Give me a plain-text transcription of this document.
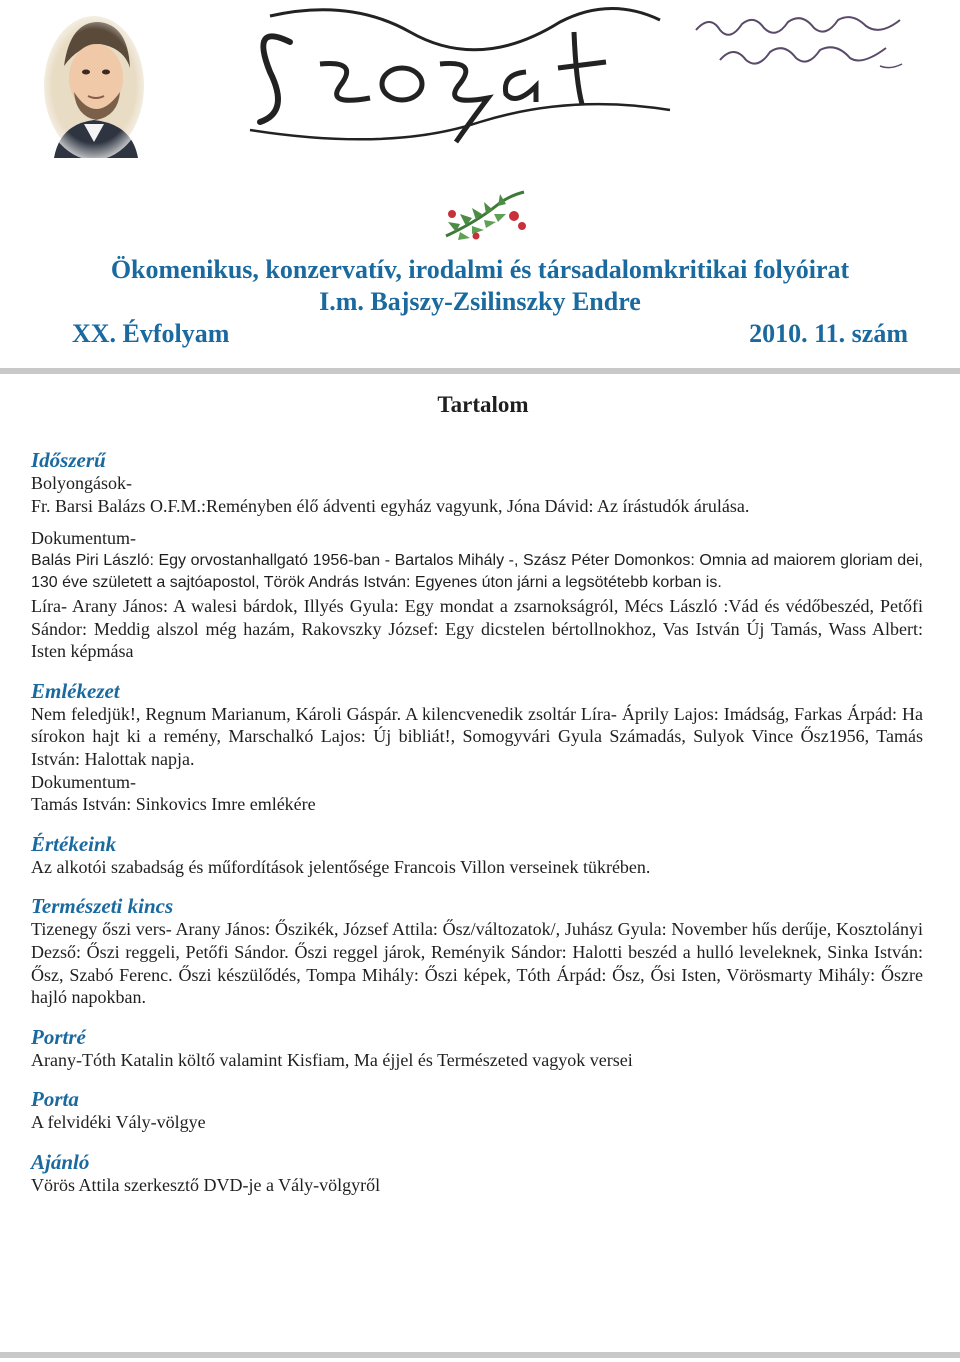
Szózat
Ökomenikus, konzervatív, irodalmi és társadalomkritikai folyóirat
I.m. Bajszy-Zsilinszky Endre
XX. Évfolyam	2010. 11. szám
Tartalom

Időszerű

Bolyongások-

Fr. Barsi Balázs O.F.M.:Reményben élő ádventi egyház vagyunk, Jóna Dávid: Az írástudók árulása.

Dokumentum-

Balás Piri László: Egy orvostanhallgató 1956-ban - Bartalos Mihály -, Szász Péter Domonkos: Omnia ad maiorem gloriam dei, 130 éve született a sajtóapostol, Török András István: Egyenes úton járni a legsötétebb korban is.

Líra- Arany János: A walesi bárdok, Illyés Gyula: Egy mondat a zsarnokságról, Mécs László :Vád és védőbeszéd, Petőfi Sándor: Meddig alszol még hazám, Rakovszky József: Egy dicstelen bértollnokhoz, Vas István Új Tamás, Wass Albert: Isten képmása

Emlékezet

Nem feledjük!, Regnum Marianum, Károli Gáspár. A kilencvenedik zsoltár Líra- Áprily Lajos: Imádság, Farkas Árpád: Ha sírokon hajt ki a remény, Marschalkó Lajos: Új bibliát!, Somogyvári Gyula Számadás, Sulyok Vince Ősz1956, Tamás István: Halottak napja.

Dokumentum-

Tamás István: Sinkovics Imre emlékére

Értékeink

Az alkotói szabadság és műfordítások jelentősége Francois Villon verseinek tükrében.

Természeti kincs

Tizenegy őszi vers- Arany János: Őszikék, József Attila: Ősz/változatok/, Juhász Gyula: November hűs derűje, Kosztolányi Dezső: Őszi reggeli, Petőfi Sándor. Őszi reggel járok, Reményik Sándor: Halotti beszéd a hulló leveleknek, Sinka István: Ősz, Szabó Ferenc. Őszi készülődés, Tompa Mihály: Őszi képek, Tóth Árpád: Ősz, Ősi Isten, Vörösmarty Mihály: Őszre hajló napokban.

Portré

Arany-Tóth Katalin költő valamint Kisfiam, Ma éjjel és Természeted vagyok versei

Porta

A felvidéki Vály-völgye

Ajánló

Vörös Attila szerkesztő DVD-je a Vály-völgyről
